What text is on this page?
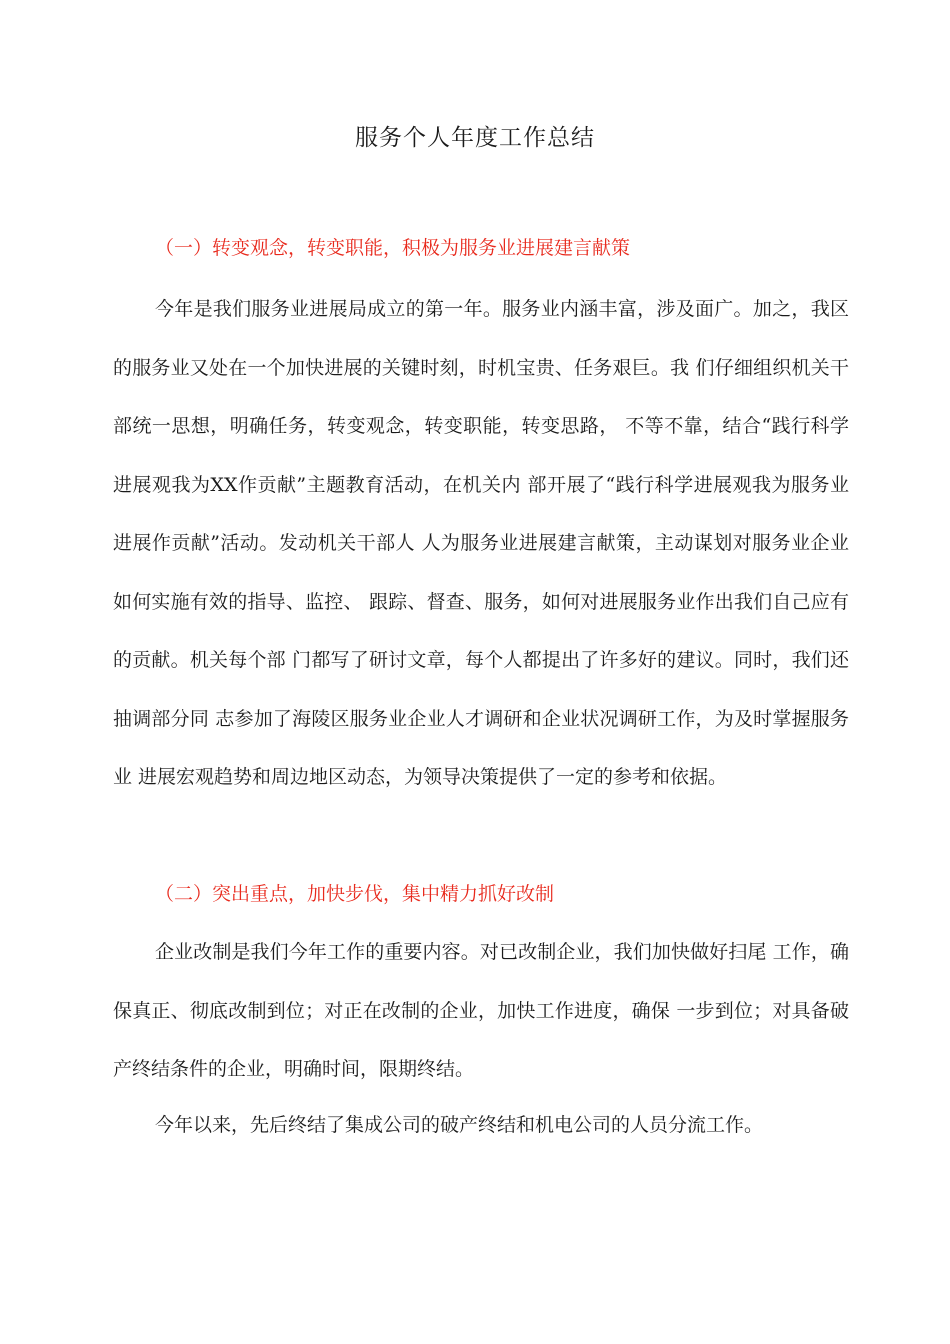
服务个人年度工作总结
（一）转变观念，转变职能，积极为服务业进展建言献策

今年是我们服务业进展局成立的第一年。服务业内涵丰富，涉及面广。加之，我区的服务业又处在一个加快进展的关键时刻，时机宝贵、任务艰巨。我 们仔细组织机关干部统一思想，明确任务，转变观念，转变职能，转变思路， 不等不靠，结合“践行科学进展观我为XX作贡献”主题教育活动，在机关内 部开展了“践行科学进展观我为服务业进展作贡献”活动。发动机关干部人 人为服务业进展建言献策，主动谋划对服务业企业如何实施有效的指导、监控、 跟踪、督查、服务，如何对进展服务业作出我们自己应有的贡献。机关每个部 门都写了研讨文章，每个人都提出了许多好的建议。同时，我们还抽调部分同 志参加了海陵区服务业企业人才调研和企业状况调研工作，为及时掌握服务业 进展宏观趋势和周边地区动态，为领导决策提供了一定的参考和依据。

（二）突出重点，加快步伐，集中精力抓好改制

企业改制是我们今年工作的重要内容。对已改制企业，我们加快做好扫尾 工作，确保真正、彻底改制到位；对正在改制的企业，加快工作进度，确保 一步到位；对具备破产终结条件的企业，明确时间，限期终结。

今年以来，先后终结了集成公司的破产终结和机电公司的人员分流工作。
